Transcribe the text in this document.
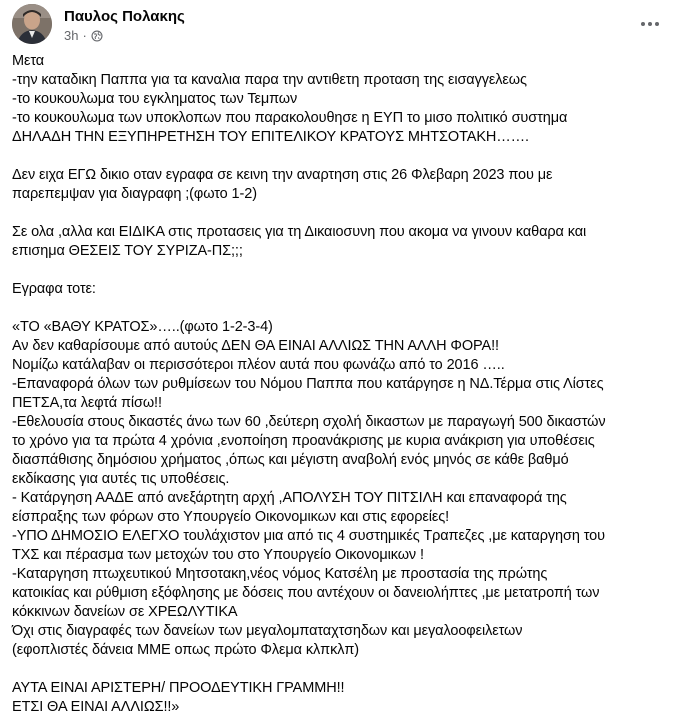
Παυλος Πολακης
3h ·

Μετα
-την καταδικη Παππα για τα καναλια παρα την αντιθετη προταση της εισαγγελεως
-το κουκουλωμα του εγκληματος των Τεμπων
-το κουκουλωμα των υποκλοπων που παρακολουθησε η ΕΥΠ το μισο πολιτικό συστημα
ΔΗΛΑΔΗ ΤΗΝ ΕΞΥΠΗΡΕΤΗΣΗ ΤΟΥ ΕΠΙΤΕΛΙΚΟΥ ΚΡΑΤΟΥΣ ΜΗΤΣΟΤΑΚΗ…….

Δεν ειχα ΕΓΩ δικιο οταν εγραφα σε κεινη την αναρτηση στις 26 Φλεβαρη 2023 που με
παρεπεμψαν για διαγραφη ;(φωτο 1-2)

Σε ολα ,αλλα και ΕΙΔΙΚΑ στις προτασεις για τη Δικαιοσυνη που ακομα να γινουν καθαρα και
επισημα ΘΕΣΕΙΣ ΤΟΥ ΣΥΡΙΖΑ-ΠΣ;;;

Εγραφα τοτε:

«ΤΟ «ΒΑΘΥ ΚΡΑΤΟΣ»…..(φωτο 1-2-3-4)
Αν δεν καθαρίσουμε από αυτούς ΔΕΝ ΘΑ ΕΙΝΑΙ ΑΛΛΙΩΣ ΤΗΝ ΑΛΛΗ ΦΟΡΑ!!
Νομίζω κατάλαβαν οι περισσότεροι πλέον αυτά που φωνάζω από το 2016 …..
-Επαναφορά όλων των ρυθμίσεων του Νόμου Παππα που κατάργησε η ΝΔ.Τέρμα στις Λίστες
ΠΕΤΣΑ,τα λεφτά πίσω!!
-Εθελουσία στους δικαστές άνω των 60 ,δεύτερη σχολή δικαστων με παραγωγή 500 δικαστών
το χρόνο για τα πρώτα 4 χρόνια ,ενοποίηση προανάκρισης με κυρια ανάκριση για υποθέσεις
διασπάθισης δημόσιου χρήματος ,όπως και μέγιστη αναβολή ενός μηνός σε κάθε βαθμό
εκδίκασης για αυτές τις υποθέσεις.
- Κατάργηση ΑΑΔΕ από ανεξάρτητη αρχή ,ΑΠΟΛΥΣΗ ΤΟΥ ΠΙΤΣΙΛΗ και επαναφορά της
είσπραξης των φόρων στο Υπουργείο Οικονομικων και στις εφορείες!
-ΥΠΟ ΔΗΜΟΣΙΟ ΕΛΕΓΧΟ τουλάχιστον μια από τις 4 συστημικές Τραπεζες ,με καταργηση του
ΤΧΣ και πέρασμα των μετοχών του στο Υπουργείο Οικονομικων !
-Καταργηση πτωχευτικού Μητσοτακη,νέος νόμος Κατσέλη με προστασία της πρώτης
κατοικίας και ρύθμιση εξόφλησης με δόσεις που αντέχουν οι δανειολήπτες ,με μετατροπή των
κόκκινων δανείων σε ΧΡΕΩΛΥΤΙΚΑ
Όχι στις διαγραφές των δανείων των μεγαλομπαταχτσηδων και μεγαλοοφειλετων
(εφοπλιστές δάνεια ΜΜΕ οπως πρώτο Φλεμα κλπκλπ)

ΑΥΤΑ ΕΙΝΑΙ ΑΡΙΣΤΕΡΗ/ ΠΡΟΟΔΕΥΤΙΚΗ ΓΡΑΜΜΗ!!
ΕΤΣΙ ΘΑ ΕΙΝΑΙ ΑΛΛΙΩΣ!!»
